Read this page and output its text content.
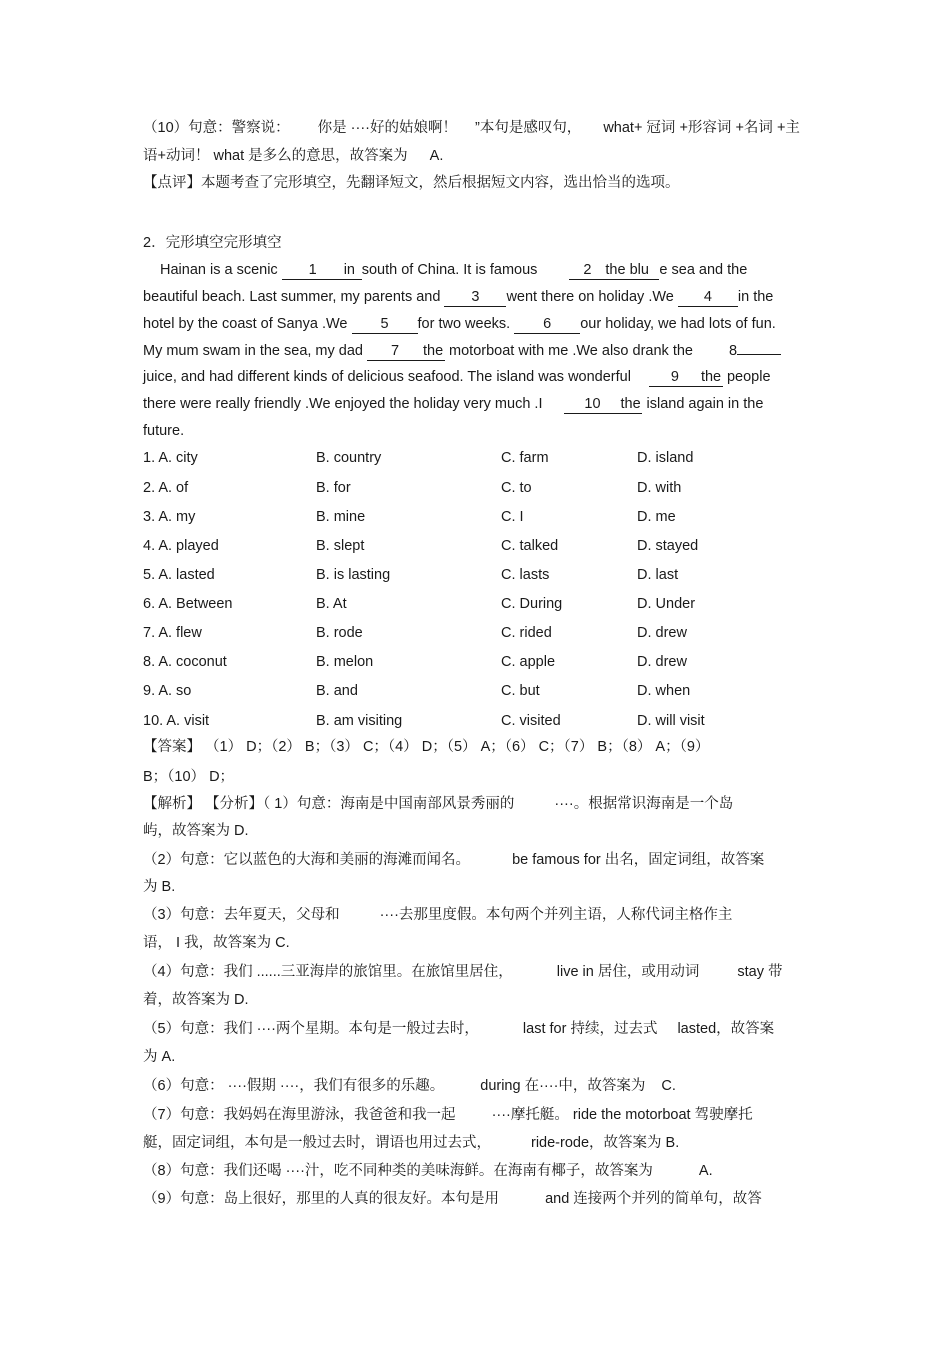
（10）句意：警察说： 你是 ····好的姑娘啊！ ”本句是感叹句， what+ 冠词 +形容词 +名词 +主
语+动词！ what 是多么的意思，故答案为 A.
【点评】本题考查了完形填空，先翻译短文，然后根据短文内容，选出恰当的选项。
2．完形填空完形填空
Hainan is a scenic 1 insouth of China. It is famous	2 the blu e sea and the
beautiful beach. Last summer, my parents and 3 went there on holiday .We 4 in the
hotel by the coast of Sanya .We 5 for two weeks. 6 our holiday, we had lots of fun.
My mum swam in the sea, my dad 7 the motorboat with me .We also drank the 8
juice, and had different kinds of delicious seafood. The island was wonderful	9 the people
there were really friendly .We enjoyed the holiday very much .I	10 the island again in the
future.
1. A. city	B. country	C. farm	D. island
2. A. of	B. for	C. to	D. with
3. A. my	B. mine	C. I	D. me
4. A. played	B. slept	C. talked	D. stayed
5. A. lasted	B. is lasting	C. lasts	D. last
6. A. Between	B. At	C. During	D. Under
7. A. flew	B. rode	C. rided	D. drew
8. A. coconut	B. melon	C. apple	D. drew
9. A. so	B. and	C. but	D. when
10. A. visit	B. am visiting	C. visited	D. will visit
【答案】 （1） D；（2） B；（3） C；（4） D；（5） A；（6） C；（7） B；（8） A；（9）
B；（10） D；
【解析】 【分析】（ 1）句意：海南是中国南部风景秀丽的	····。根据常识海南是一个岛
屿，故答案为 D.
（2）句意：它以蓝色的大海和美丽的海滩而闻名。	be famous for 出名，固定词组，故答案
为 B.
（3）句意：去年夏天，父母和	····去那里度假。本句两个并列主语，人称代词主格作主
语， I 我，故答案为 C.
（4）句意：我们 ......三亚海岸的旅馆里。在旅馆里居住，	live in 居住，或用动词	stay 带
着，故答案为 D.
（5）句意：我们 ····两个星期。本句是一般过去时，	last for 持续，过去式 lasted，故答案
为 A.
（6）句意： ····假期 ····，我们有很多的乐趣。 during 在····中，故答案为 C.
（7）句意：我妈妈在海里游泳，我爸爸和我一起 ····摩托艇。 ride the motorboat 驾驶摩托
艇，固定词组，本句是一般过去时，谓语也用过去式，	ride-rode，故答案为 B.
（8）句意：我们还喝 ····汁，吃不同种类的美味海鲜。在海南有椰子，故答案为	A.
（9）句意：岛上很好，那里的人真的很友好。本句是用	and 连接两个并列的简单句，故答
